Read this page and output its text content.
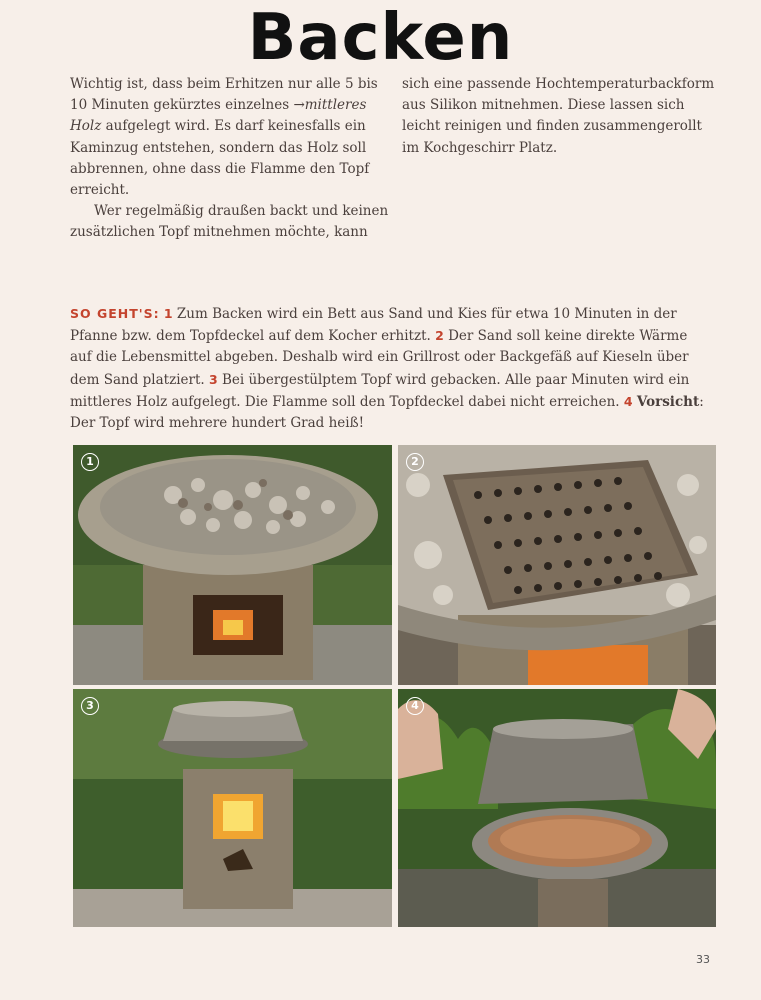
Backen

Wichtig ist, dass beim Erhitzen nur alle 5 bis 10 Minuten gekürztes einzelnes →mittleres Holz aufgelegt wird. Es darf keinesfalls ein Kaminzug entstehen, sondern das Holz soll abbrennen, ohne dass die Flamme den Topf erreicht.

Wer regelmäßig draußen backt und keinen zusätzlichen Topf mitnehmen möchte, kann

sich eine passende Hochtemperaturbackform aus Silikon mitnehmen. Diese lassen sich leicht reinigen und finden zusammengerollt im Kochgeschirr Platz.

SO GEHT'S: 1 Zum Backen wird ein Bett aus Sand und Kies für etwa 10 Minuten in der Pfanne bzw. dem Topfdeckel auf dem Kocher erhitzt. 2 Der Sand soll keine direkte Wärme auf die Lebensmittel abgeben. Deshalb wird ein Grillrost oder Backgefäß auf Kieseln über dem Sand platziert. 3 Bei übergestülptem Topf wird gebacken. Alle paar Minuten wird ein mittleres Holz aufgelegt. Die Flamme soll den Topfdeckel dabei nicht erreichen. 4 Vorsicht: Der Topf wird mehrere hundert Grad heiß!
1	2
3	4
33
